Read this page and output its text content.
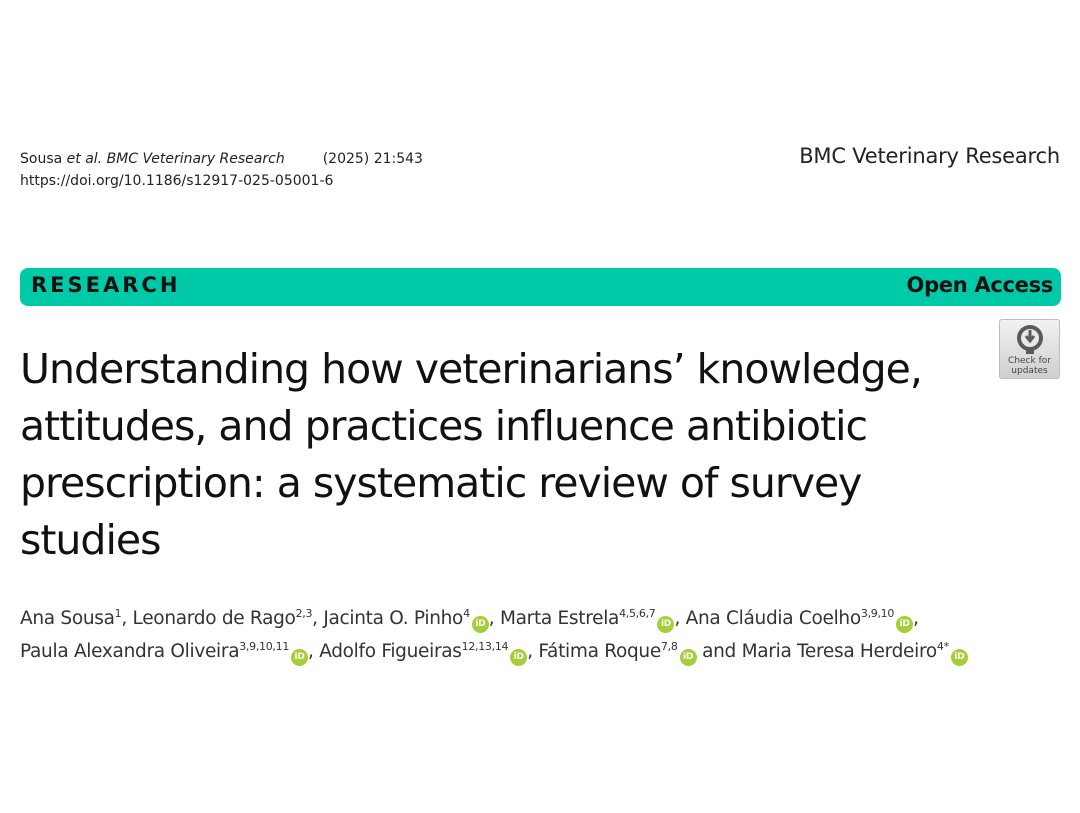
Sousa et al. BMC Veterinary Research	(2025) 21:543
https://doi.org/10.1186/s12917-025-05001-6
BMC Veterinary Research
RESEARCH	Open Access
Check for updates
Understanding how veterinarians’ knowledge, attitudes, and practices influence antibiotic prescription: a systematic review of survey studies
Ana Sousa$^1$, Leonardo de Rago$^{2,3}$, Jacinta O. Pinho$^4$iD , Marta Estrela$^{4,5,6,7}$iD , Ana Cláudia Coelho$^{3,9,10}$iD ,
Paula Alexandra Oliveira$^{3,9,10,11}$iD , Adolfo Figueiras$^{12,13,14}$iD , Fátima Roque$^{7,8}$iD and Maria Teresa Herdeiro$^{4*}$iD
